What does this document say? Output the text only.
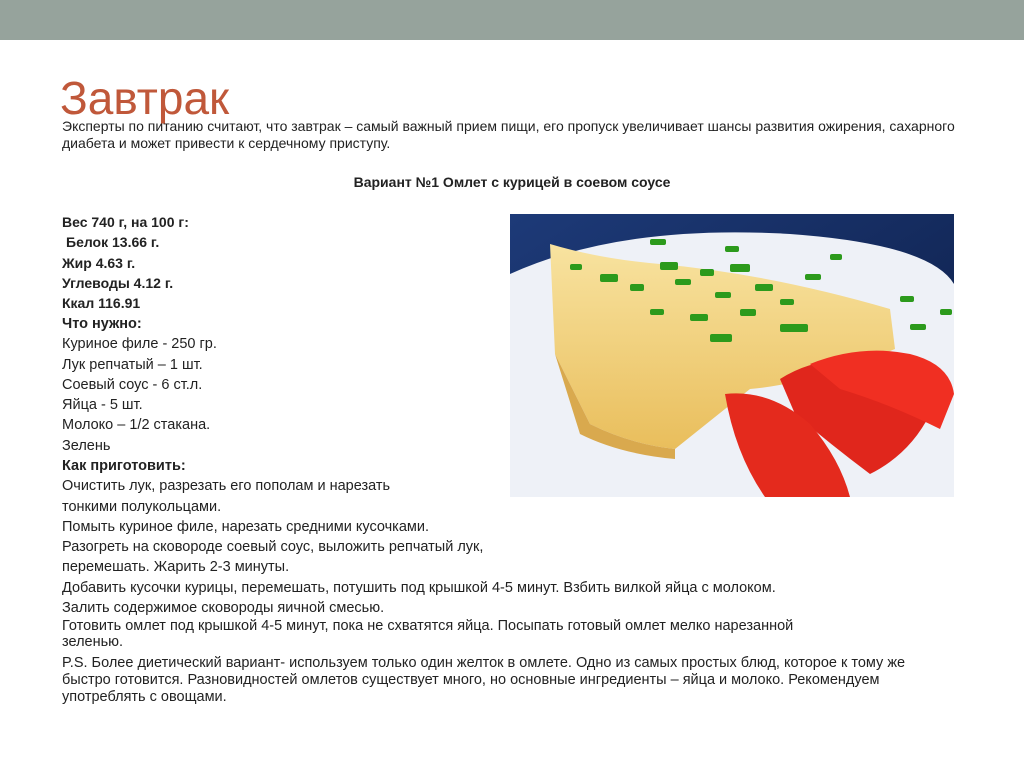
Завтрак
Эксперты по питанию считают, что завтрак – самый важный прием пищи, его пропуск увеличивает шансы развития ожирения, сахарного диабета и может привести к сердечному приступу.
Вариант №1 Омлет с курицей в соевом соусе
Вес 740 г, на 100 г:
Белок 13.66 г.
Жир 4.63 г.
Углеводы 4.12 г.
Ккал 116.91
Что нужно:
Куриное филе - 250 гр.
Лук репчатый – 1 шт.
Соевый соус - 6 ст.л.
Яйца - 5 шт.
Молоко – 1/2 стакана.
Зелень
Как приготовить:
Очистить лук, разрезать его пополам и нарезать
тонкими полукольцами.
Помыть куриное филе, нарезать средними кусочками.
Разогреть на сковороде соевый соус, выложить репчатый лук,
перемешать. Жарить 2-3 минуты.
Добавить кусочки курицы, перемешать, потушить под крышкой 4-5 минут. Взбить вилкой яйца с молоком.
Залить содержимое сковороды яичной смесью.
Готовить омлет под крышкой 4-5 минут, пока не схватятся яйца. Посыпать готовый омлет мелко нарезанной
зеленью.
P.S. Более диетический вариант- используем только один желток в омлете. Одно из самых простых блюд, которое к тому же быстро готовится. Разновидностей омлетов существует много, но основные ингредиенты – яйца и молоко. Рекомендуем употреблять с овощами.
